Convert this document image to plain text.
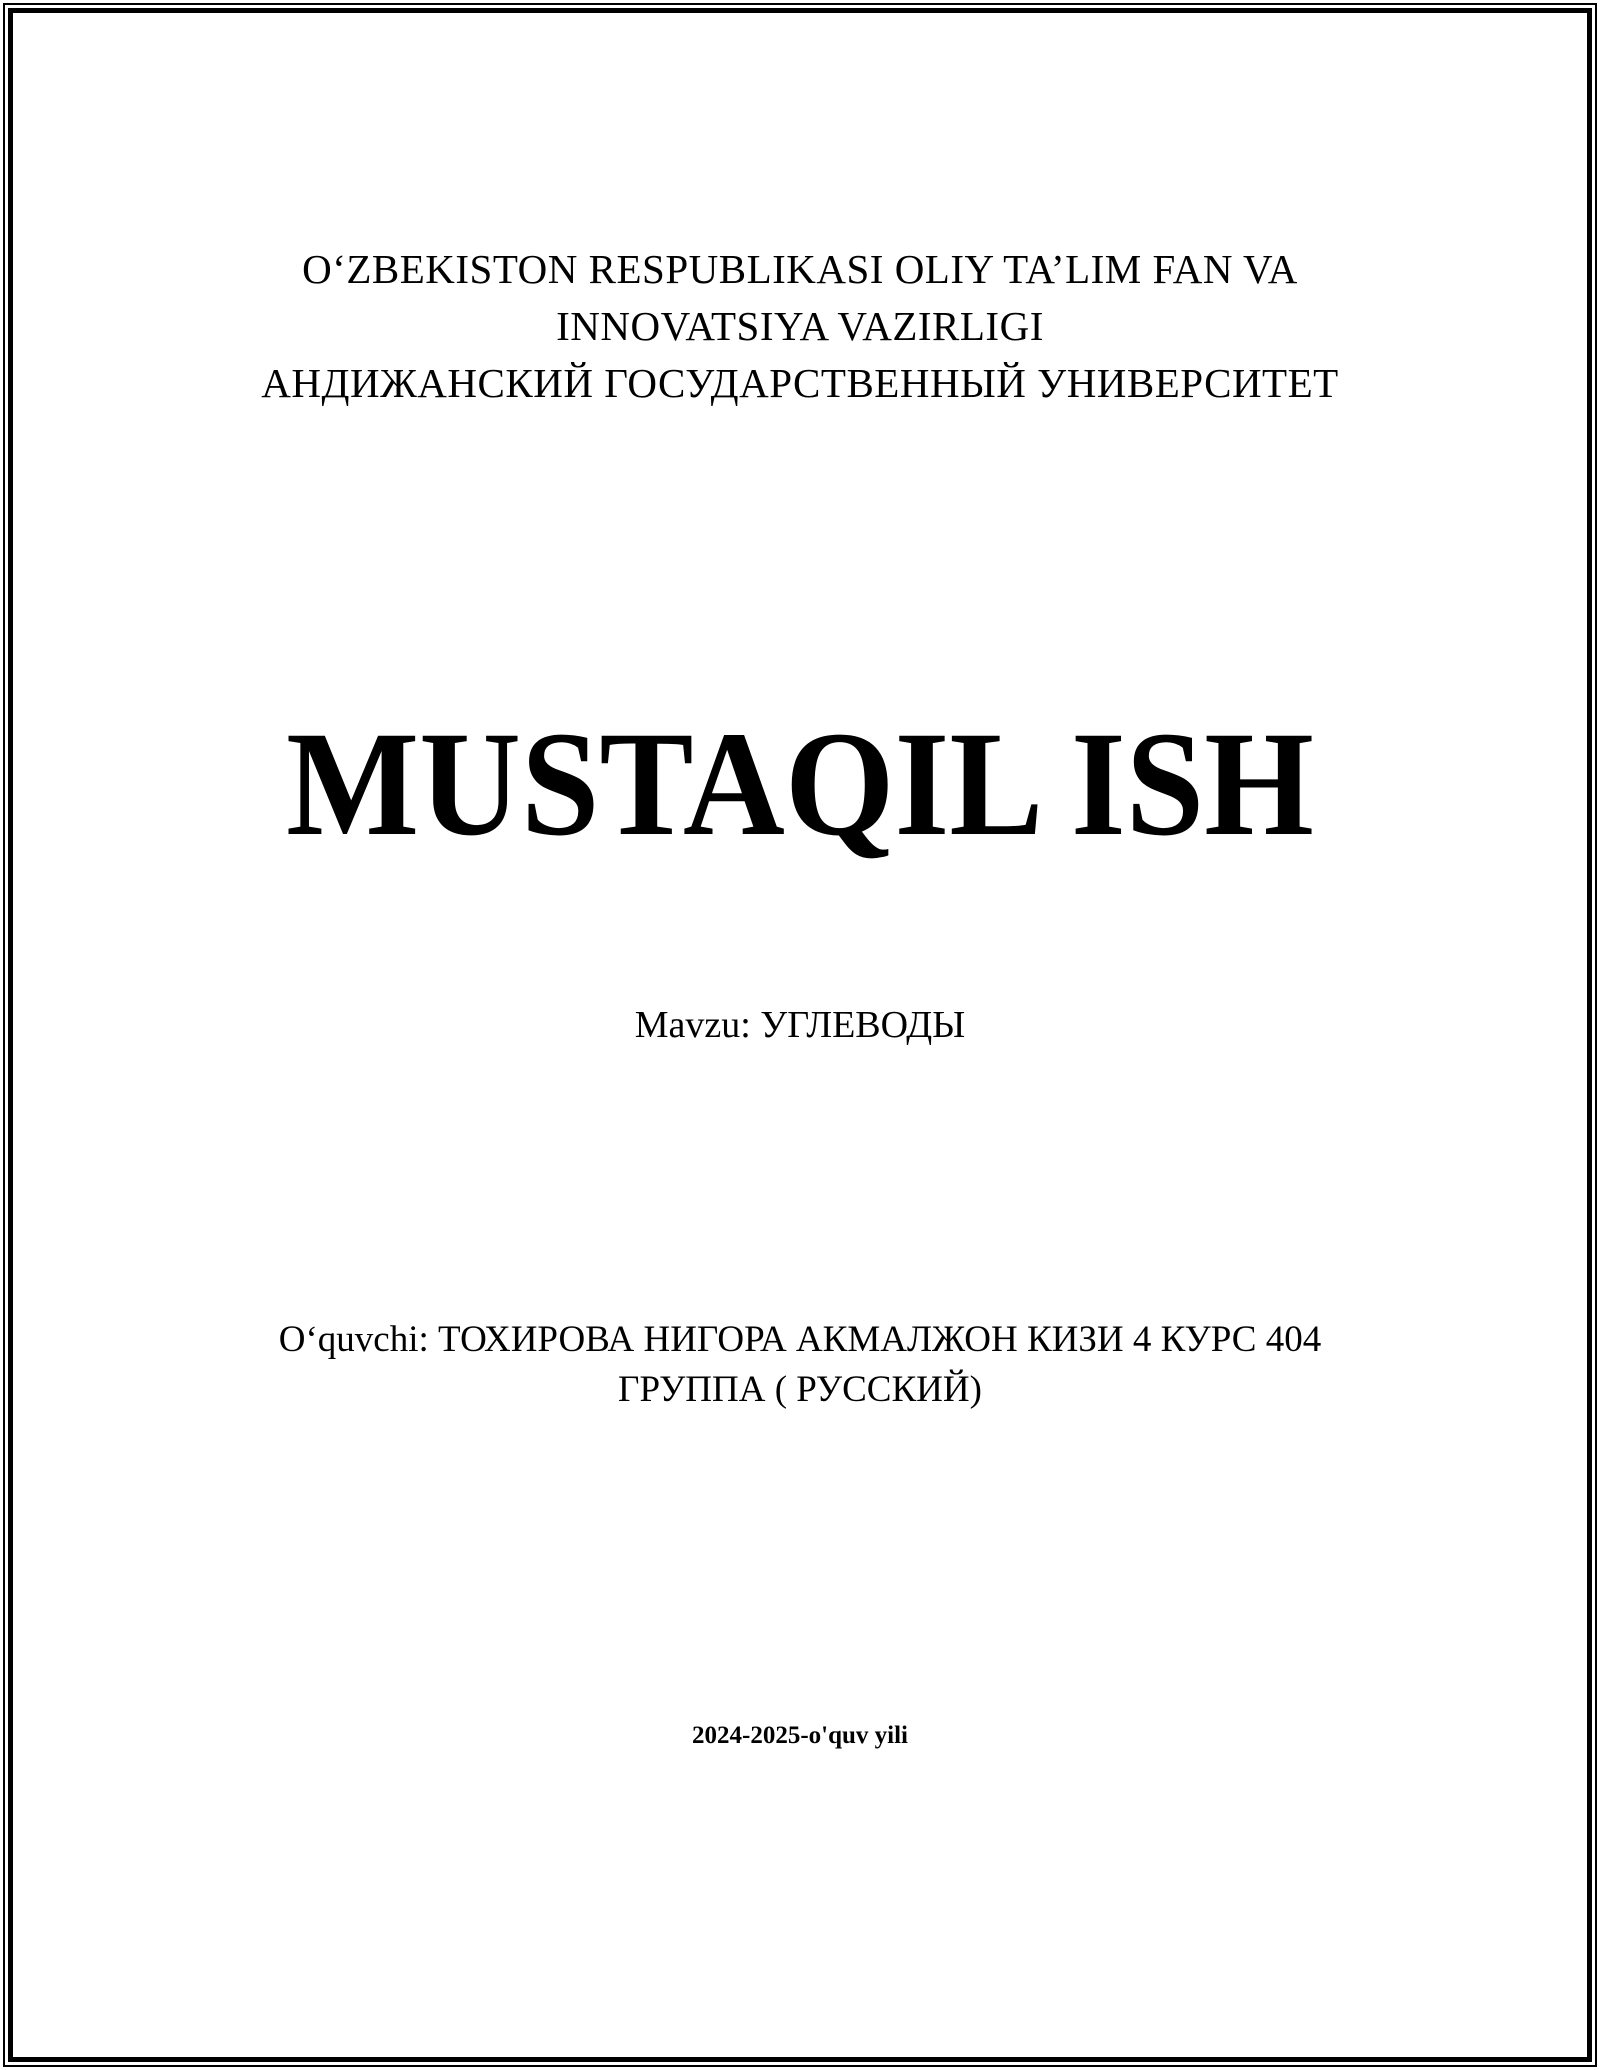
O‘ZBEKISTON RESPUBLIKASI OLIY TA’LIM FAN VA
INNOVATSIYA VAZIRLIGI
АНДИЖАНСКИЙ ГОСУДАРСТВЕННЫЙ УНИВЕРСИТЕТ
MUSTAQIL ISH
Mavzu: УГЛЕВОДЫ
O‘quvchi: ТОХИРОВА НИГОРА АКМАЛЖОН КИЗИ 4 КУРС 404
ГРУППА ( РУССКИЙ)
2024-2025-o'quv yili
